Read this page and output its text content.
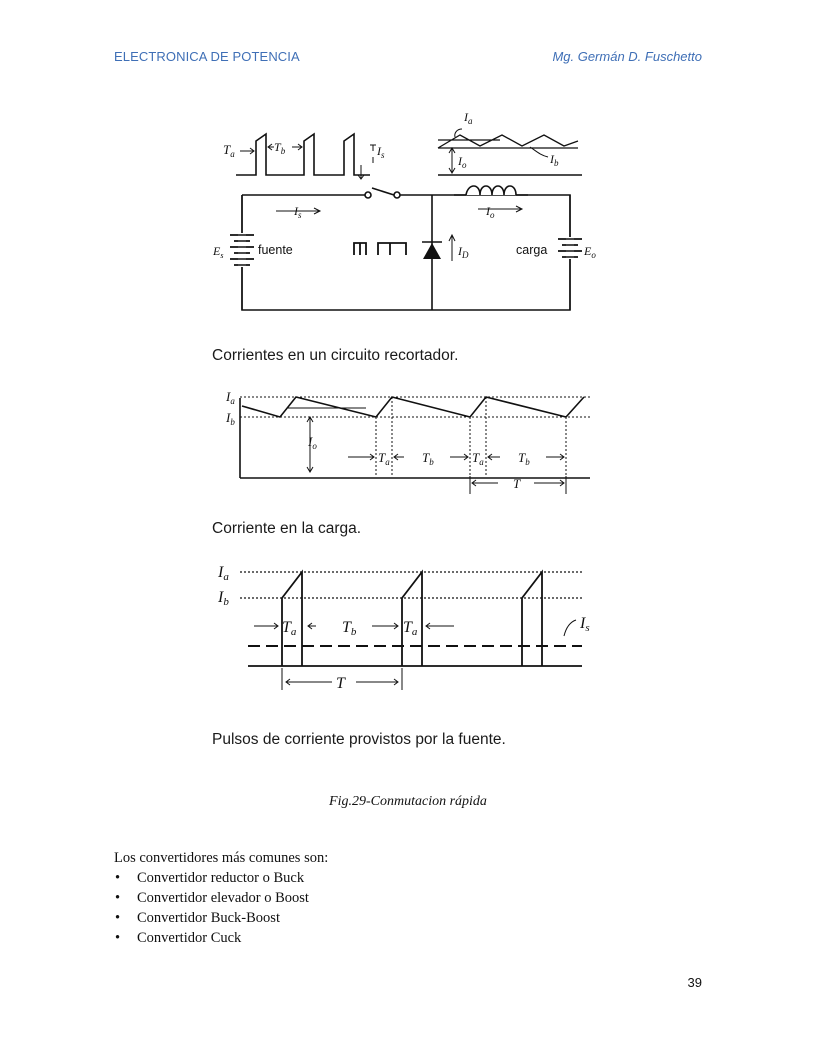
ELECTRONICA DE POTENCIA	Mg. Germán D. Fuschetto
$T_a$	$T_b$	$I_s$
$I_a$
$I_o$	$I_b$
$I_s$	$I_o$
$E_s$	fuente	$I_D$	carga	$E_o$
Corrientes en un circuito recortador.
$I_a$
$I_b$
$I_o$
$T_a$ $T_b$	$T_a$	$T_b$
T
Corriente en la carga.
Ia
Ib
Ta	Tb	Ta	Is
T
Pulsos de corriente provistos por la fuente.
Fig.29-Conmutacion rápida
Los convertidores más comunes son:
• Convertidor reductor o Buck
• Convertidor elevador o Boost
• Convertidor Buck-Boost
• Convertidor Cuck
39
